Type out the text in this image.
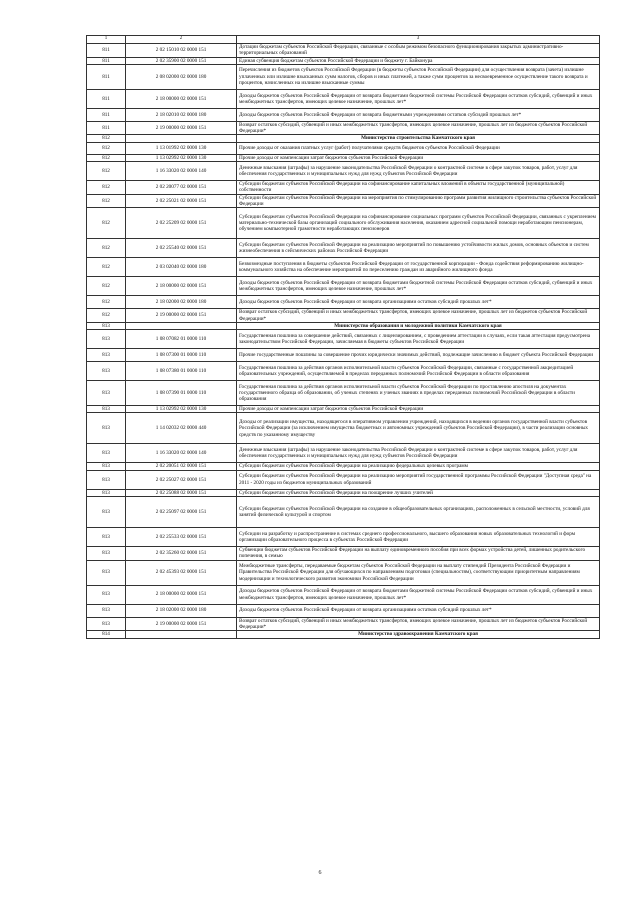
1	2	3
811	2 02 15010 02 0000 151	Дотации бюджетам субъектов Российской Федерации, связанные с особым режимом безопасного функционирования закрытых административно-территориальных образований
811	2 02 35900 02 0000 151	Единая субвенция бюджетам субъектов Российской Федерации и бюджету г. Байконура
811	2 08 02000 02 0000 180	Перечисления из бюджетов субъектов Российской Федерации (в бюджеты субъектов Российской Федерации) для осуществления возврата (зачета) излишне уплаченных или излишне взысканных сумм налогов, сборов и иных платежей, а также сумм процентов за несвоевременное осуществление такого возврата и процентов, начисленных на излишне взысканные суммы
811	2 18 00000 02 0000 151	Доходы бюджетов субъектов Российской Федерации от возврата бюджетами бюджетной системы Российской Федерации остатков субсидий, субвенций и иных межбюджетных трансфертов, имеющих целевое назначение, прошлых лет*
811	2 18 02010 02 0000 180	Доходы бюджетов субъектов Российской Федерации от возврата бюджетными учреждениями остатков субсидий прошлых лет*
811	2 19 00000 02 0000 151	Возврат остатков субсидий, субвенций и иных межбюджетных трансфертов, имеющих целевое назначение, прошлых лет из бюджетов субъектов Российской Федерации*
812		Министерство строительства Камчатского края
812	1 13 01992 02 0000 130	Прочие доходы от оказания платных услуг (работ) получателями средств бюджетов субъектов Российской Федерации
812	1 13 02992 02 0000 130	Прочие доходы от компенсации затрат бюджетов субъектов Российской Федерации
812	1 16 33020 02 0000 140	Денежные взыскания (штрафы) за нарушение законодательства Российской Федерации о контрактной системе в сфере закупок товаров, работ, услуг для обеспечения государственных и муниципальных нужд для нужд субъектов Российской Федерации
812	2 02 20077 02 0000 151	Субсидии бюджетам субъектов Российской Федерации на софинансирование капитальных вложений в объекты государственной (муниципальной) собственности
812	2 02 25021 02 0000 151	Субсидии бюджетам субъектов Российской Федерации на мероприятия по стимулированию программ развития жилищного строительства субъектов Российской Федерации
812	2 02 25209 02 0000 151	Субсидии бюджетам субъектов Российской Федерации на софинансирование социальных программ субъектов Российской Федерации, связанных с укреплением материально-технической базы организаций социального обслуживания населения, оказанием адресной социальной помощи неработающим пенсионерам, обучением компьютерной грамотности неработающих пенсионеров
812	2 02 25540 02 0000 151	Субсидии бюджетам субъектов Российской Федерации на реализацию мероприятий по повышению устойчивости жилых домов, основных объектов и систем жизнеобеспечения в сейсмических районах Российской Федерации
812	2 03 02040 02 0000 180	Безвозмездные поступления в бюджеты субъектов Российской Федерации от государственной корпорации - Фонда содействия реформированию жилищно-коммунального хозяйства на обеспечение мероприятий по переселению граждан из аварийного жилищного фонда
812	2 18 00000 02 0000 151	Доходы бюджетов субъектов Российской Федерации от возврата бюджетами бюджетной системы Российской Федерации остатков субсидий, субвенций и иных межбюджетных трансфертов, имеющих целевое назначение, прошлых лет*
812	2 18 02000 02 0000 180	Доходы бюджетов субъектов Российской Федерации от возврата организациями остатков субсидий прошлых лет*
812	2 19 00000 02 0000 151	Возврат остатков субсидий, субвенций и иных межбюджетных трансфертов, имеющих целевое назначение, прошлых лет из бюджетов субъектов Российской Федерации*
813		Министерство образования и молодежной политики Камчатского края
813	1 08 07082 01 0000 110	Государственная пошлина за совершение действий, связанных с лицензированием, с проведением аттестации в случаях, если такая аттестация предусмотрена законодательством Российской Федерации, зачисляемая в бюджеты субъектов Российской Федерации
813	1 08 07300 01 0000 110	Прочие государственные пошлины за совершение прочих юридически значимых действий, подлежащие зачислению в бюджет субъекта Российской Федерации
813	1 08 07380 01 0000 110	Государственная пошлина за действия органов исполнительной власти субъектов Российской Федерации, связанные с государственной аккредитацией образовательных учреждений, осуществляемой в пределах переданных полномочий Российской Федерации в области образования
813	1 08 07390 01 0000 110	Государственная пошлина за действия органов исполнительной власти субъектов Российской Федерации по проставлению апостиля на документах государственного образца об образовании, об ученых степенях и ученых званиях в пределах переданных полномочий Российской Федерации в области образования
813	1 13 02992 02 0000 130	Прочие доходы от компенсации затрат бюджетов субъектов Российской Федерации
813	1 14 02032 02 0000 440	Доходы от реализации имущества, находящегося в оперативном управлении учреждений, находящихся в ведении органов государственной власти субъектов Российской Федерации (за исключением имущества бюджетных и автономных учреждений субъектов Российской Федерации), в части реализации основных средств по указанному имуществу
813	1 16 33020 02 0000 140	Денежные взыскания (штрафы) за нарушение законодательства Российской Федерации о контрактной системе в сфере закупок товаров, работ, услуг для обеспечения государственных и муниципальных нужд для нужд субъектов Российской Федерации
813	2 02 20051 02 0000 151	Субсидии бюджетам субъектов Российской Федерации на реализацию федеральных целевых программ
813	2 02 25027 02 0000 151	Субсидии бюджетам субъектов Российской Федерации на реализацию мероприятий государственной программы Российской Федерации "Доступная среда" на 2011 - 2020 годы из бюджетов муниципальных образований
813	2 02 25088 02 0000 151	Субсидии бюджетам субъектов Российской Федерации на поощрение лучших учителей
813	2 02 25097 02 0000 151	Субсидии бюджетам субъектов Российской Федерации на создание в общеобразовательных организациях, расположенных в сельской местности, условий для занятий физической культурой и спортом
813	2 02 25533 02 0000 151	Субсидии на разработку и распространение в системах среднего профессионального, высшего образования новых образовательных технологий и форм организации образовательного процесса в субъектах Российской Федерации
813	2 02 35260 02 0000 151	Субвенции бюджетам субъектов Российской Федерации на выплату единовременного пособия при всех формах устройства детей, лишенных родительского попечения, в семью
813	2 02 45393 02 0000 151	Межбюджетные трансферты, передаваемые бюджетам субъектов Российской Федерации на выплату стипендий Президента Российской Федерации и Правительства Российской Федерации для обучающихся по направлениям подготовки (специальностям), соответствующим приоритетным направлениям модернизации и технологического развития экономики Российской Федерации
813	2 18 00000 02 0000 151	Доходы бюджетов субъектов Российской Федерации от возврата бюджетами бюджетной системы Российской Федерации остатков субсидий, субвенций и иных межбюджетных трансфертов, имеющих целевое назначение, прошлых лет*
813	2 18 02000 02 0000 180	Доходы бюджетов субъектов Российской Федерации от возврата организациями остатков субсидий прошлых лет*
813	2 19 00000 02 0000 151	Возврат остатков субсидий, субвенций и иных межбюджетных трансфертов, имеющих целевое назначение, прошлых лет из бюджетов субъектов Российской Федерации*
814		Министерство здравоохранения Камчатского края
6
